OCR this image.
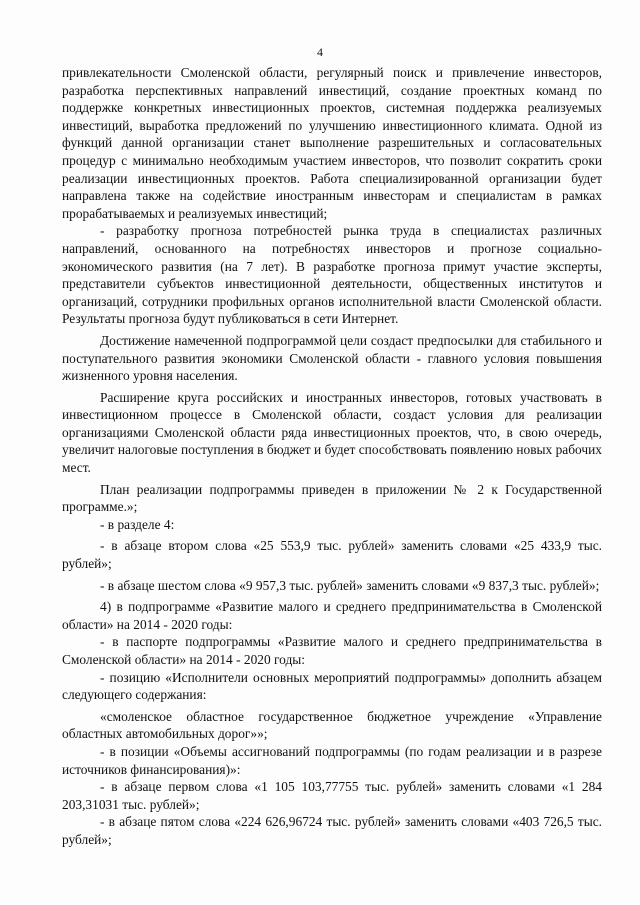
4

привлекательности Смоленской области, регулярный поиск и привлечение инвесторов, разработка перспективных направлений инвестиций, создание проектных команд по поддержке конкретных инвестиционных проектов, системная поддержка реализуемых инвестиций, выработка предложений по улучшению инвестиционного климата. Одной из функций данной организации станет выполнение разрешительных и согласовательных процедур с минимально необходимым участием инвесторов, что позволит сократить сроки реализации инвестиционных проектов. Работа специализированной организации будет направлена также на содействие иностранным инвесторам и специалистам в рамках прорабатываемых и реализуемых инвестиций;

- разработку прогноза потребностей рынка труда в специалистах различных направлений, основанного на потребностях инвесторов и прогнозе социально-экономического развития (на 7 лет). В разработке прогноза примут участие эксперты, представители субъектов инвестиционной деятельности, общественных институтов и организаций, сотрудники профильных органов исполнительной власти Смоленской области. Результаты прогноза будут публиковаться в сети Интернет.

Достижение намеченной подпрограммой цели создаст предпосылки для стабильного и поступательного развития экономики Смоленской области - главного условия повышения жизненного уровня населения.

Расширение круга российских и иностранных инвесторов, готовых участвовать в инвестиционном процессе в Смоленской области, создаст условия для реализации организациями Смоленской области ряда инвестиционных проектов, что, в свою очередь, увеличит налоговые поступления в бюджет и будет способствовать появлению новых рабочих мест.

План реализации подпрограммы приведен в приложении № 2 к Государственной программе.»;

- в разделе 4:

- в абзаце втором слова «25 553,9 тыс. рублей» заменить словами «25 433,9 тыс. рублей»;

- в абзаце шестом слова «9 957,3 тыс. рублей» заменить словами «9 837,3 тыс. рублей»;

4) в подпрограмме «Развитие малого и среднего предпринимательства в Смоленской области» на 2014 - 2020 годы:

- в паспорте подпрограммы «Развитие малого и среднего предпринимательства в Смоленской области» на 2014 - 2020 годы:

- позицию «Исполнители основных мероприятий подпрограммы» дополнить абзацем следующего содержания:

«смоленское областное государственное бюджетное учреждение «Управление областных автомобильных дорог»»;

- в позиции «Объемы ассигнований подпрограммы (по годам реализации и в разрезе источников финансирования)»:

- в абзаце первом слова «1 105 103,77755 тыс. рублей» заменить словами «1 284 203,31031 тыс. рублей»;

- в абзаце пятом слова «224 626,96724 тыс. рублей» заменить словами «403 726,5 тыс. рублей»;
